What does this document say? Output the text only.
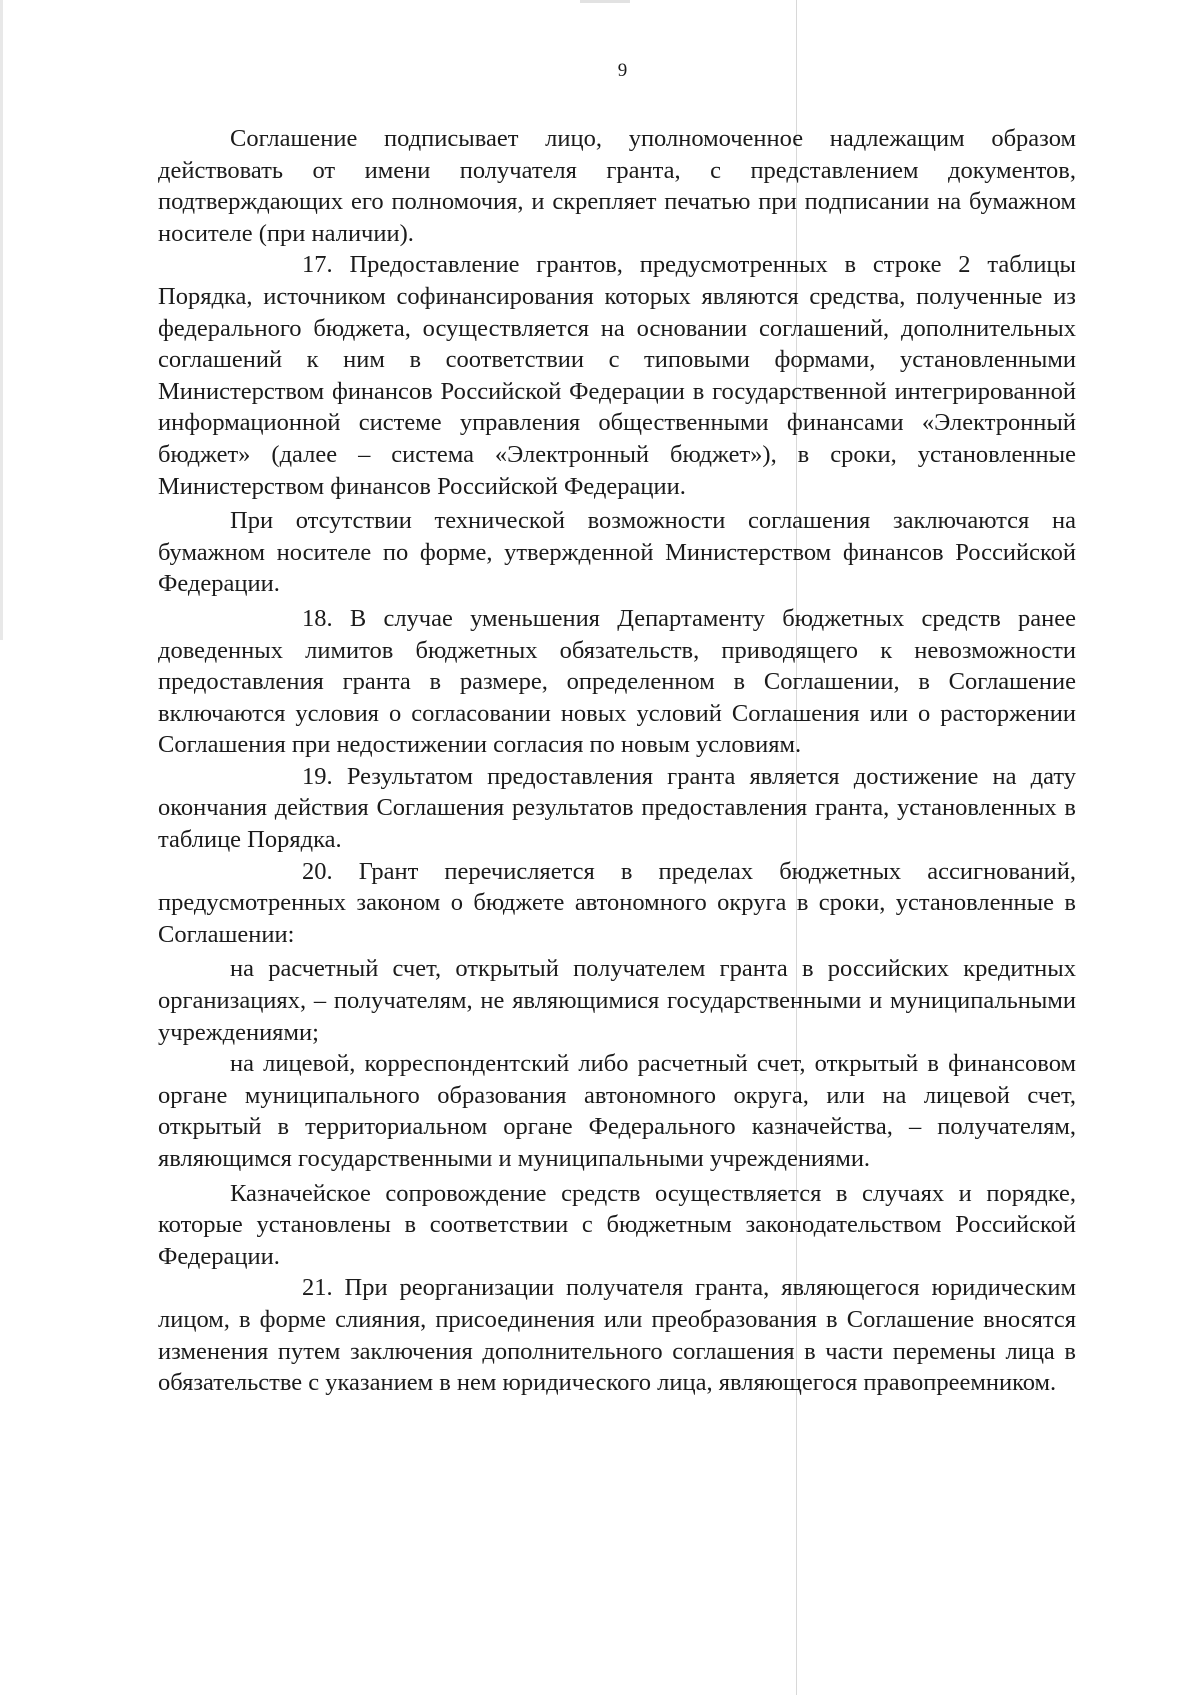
9

Соглашение подписывает лицо, уполномоченное надлежащим образом действовать от имени получателя гранта, с представлением документов, подтверждающих его полномочия, и скрепляет печатью при подписании на бумажном носителе (при наличии).

17. Предоставление грантов, предусмотренных в строке 2 таблицы Порядка, источником софинансирования которых являются средства, полученные из федерального бюджета, осуществляется на основании соглашений, дополнительных соглашений к ним в соответствии с типовыми формами, установленными Министерством финансов Российской Федерации в государственной интегрированной информационной системе управления общественными финансами «Электронный бюджет» (далее – система «Электронный бюджет»), в сроки, установленные Министерством финансов Российской Федерации.

При отсутствии технической возможности соглашения заключаются на бумажном носителе по форме, утвержденной Министерством финансов Российской Федерации.

18. В случае уменьшения Департаменту бюджетных средств ранее доведенных лимитов бюджетных обязательств, приводящего к невозможности предоставления гранта в размере, определенном в Соглашении, в Соглашение включаются условия о согласовании новых условий Соглашения или о расторжении Соглашения при недостижении согласия по новым условиям.

19. Результатом предоставления гранта является достижение на дату окончания действия Соглашения результатов предоставления гранта, установленных в таблице Порядка.

20. Грант перечисляется в пределах бюджетных ассигнований, предусмотренных законом о бюджете автономного округа в сроки, установленные в Соглашении:

на расчетный счет, открытый получателем гранта в российских кредитных организациях, – получателям, не являющимися государственными и муниципальными учреждениями;

на лицевой, корреспондентский либо расчетный счет, открытый в финансовом органе муниципального образования автономного округа, или на лицевой счет, открытый в территориальном органе Федерального казначейства, – получателям, являющимся государственными и муниципальными учреждениями.

Казначейское сопровождение средств осуществляется в случаях и порядке, которые установлены в соответствии с бюджетным законодательством Российской Федерации.

21. При реорганизации получателя гранта, являющегося юридическим лицом, в форме слияния, присоединения или преобразования в Соглашение вносятся изменения путем заключения дополнительного соглашения в части перемены лица в обязательстве с указанием в нем юридического лица, являющегося правопреемником.
